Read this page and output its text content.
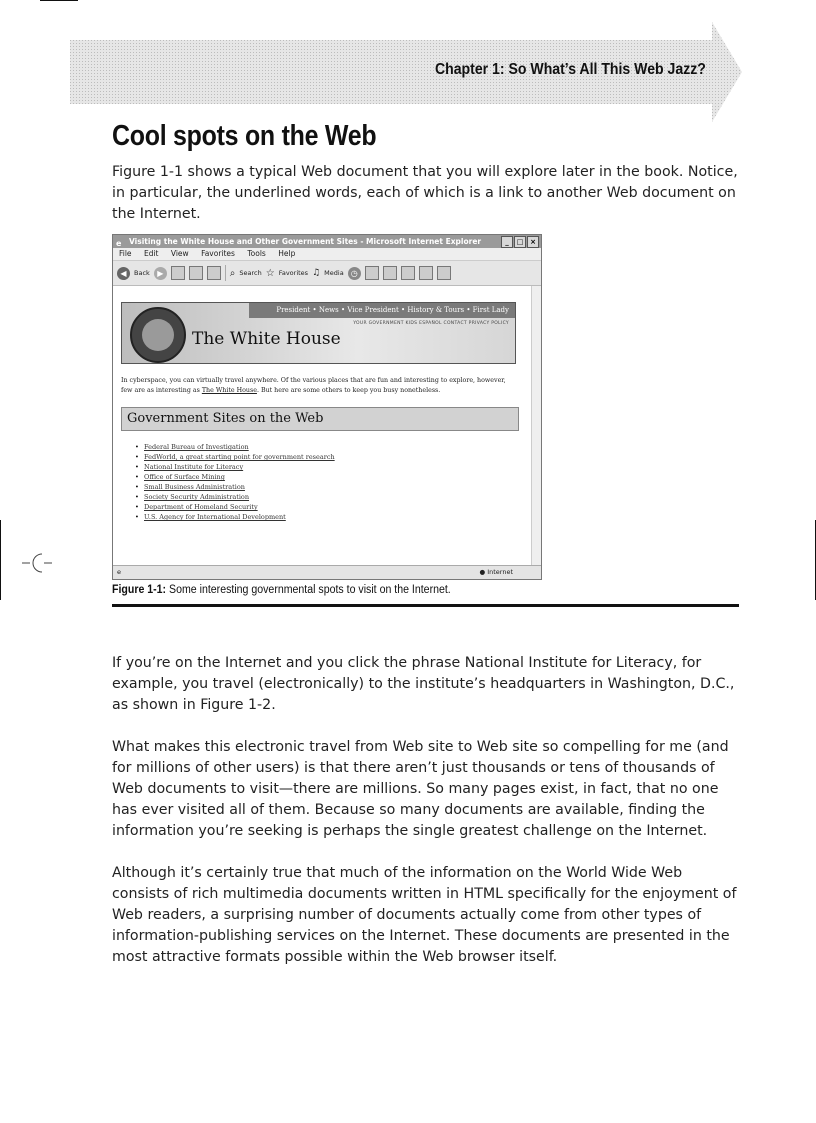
Chapter 1: So What’s All This Web Jazz?
Cool spots on the Web

Figure 1-1 shows a typical Web document that you will explore later in the book. Notice, in particular, the underlined words, each of which is a link to another Web document on the Internet.

e Visiting the White House and Other Government Sites - Microsoft Internet Explorer	_	□ ×
File Edit View Favorites Tools Help
◀	Back ▶	⌕ Search ☆ Favorites ♫ Media ◷
President • News • Vice President • History & Tours • First Lady
YOUR GOVERNMENT KIDS ESPAÑOL CONTACT PRIVACY POLICY
The White House
In cyberspace, you can virtually travel anywhere. Of the various places that are fun and interesting to explore, however, few are as interesting as The White House. But here are some others to keep you busy nonetheless.
Government Sites on the Web
• Federal Bureau of Investigation
• FedWorld, a great starting point for government research
• National Institute for Literacy
• Office of Surface Mining
• Small Business Administration
• Society Security Administration
• Department of Homeland Security
• U.S. Agency for International Development
e	● Internet
Figure 1-1: Some interesting governmental spots to visit on the Internet.

If you’re on the Internet and you click the phrase National Institute for Literacy, for example, you travel (electronically) to the institute’s headquarters in Washington, D.C., as shown in Figure 1-2.

What makes this electronic travel from Web site to Web site so compelling for me (and for millions of other users) is that there aren’t just thousands or tens of thousands of Web documents to visit—there are millions. So many pages exist, in fact, that no one has ever visited all of them. Because so many documents are available, finding the information you’re seeking is perhaps the single greatest challenge on the Internet.

Although it’s certainly true that much of the information on the World Wide Web consists of rich multimedia documents written in HTML specifically for the enjoyment of Web readers, a surprising number of documents actually come from other types of information-publishing services on the Internet. These documents are presented in the most attractive formats possible within the Web browser itself.
